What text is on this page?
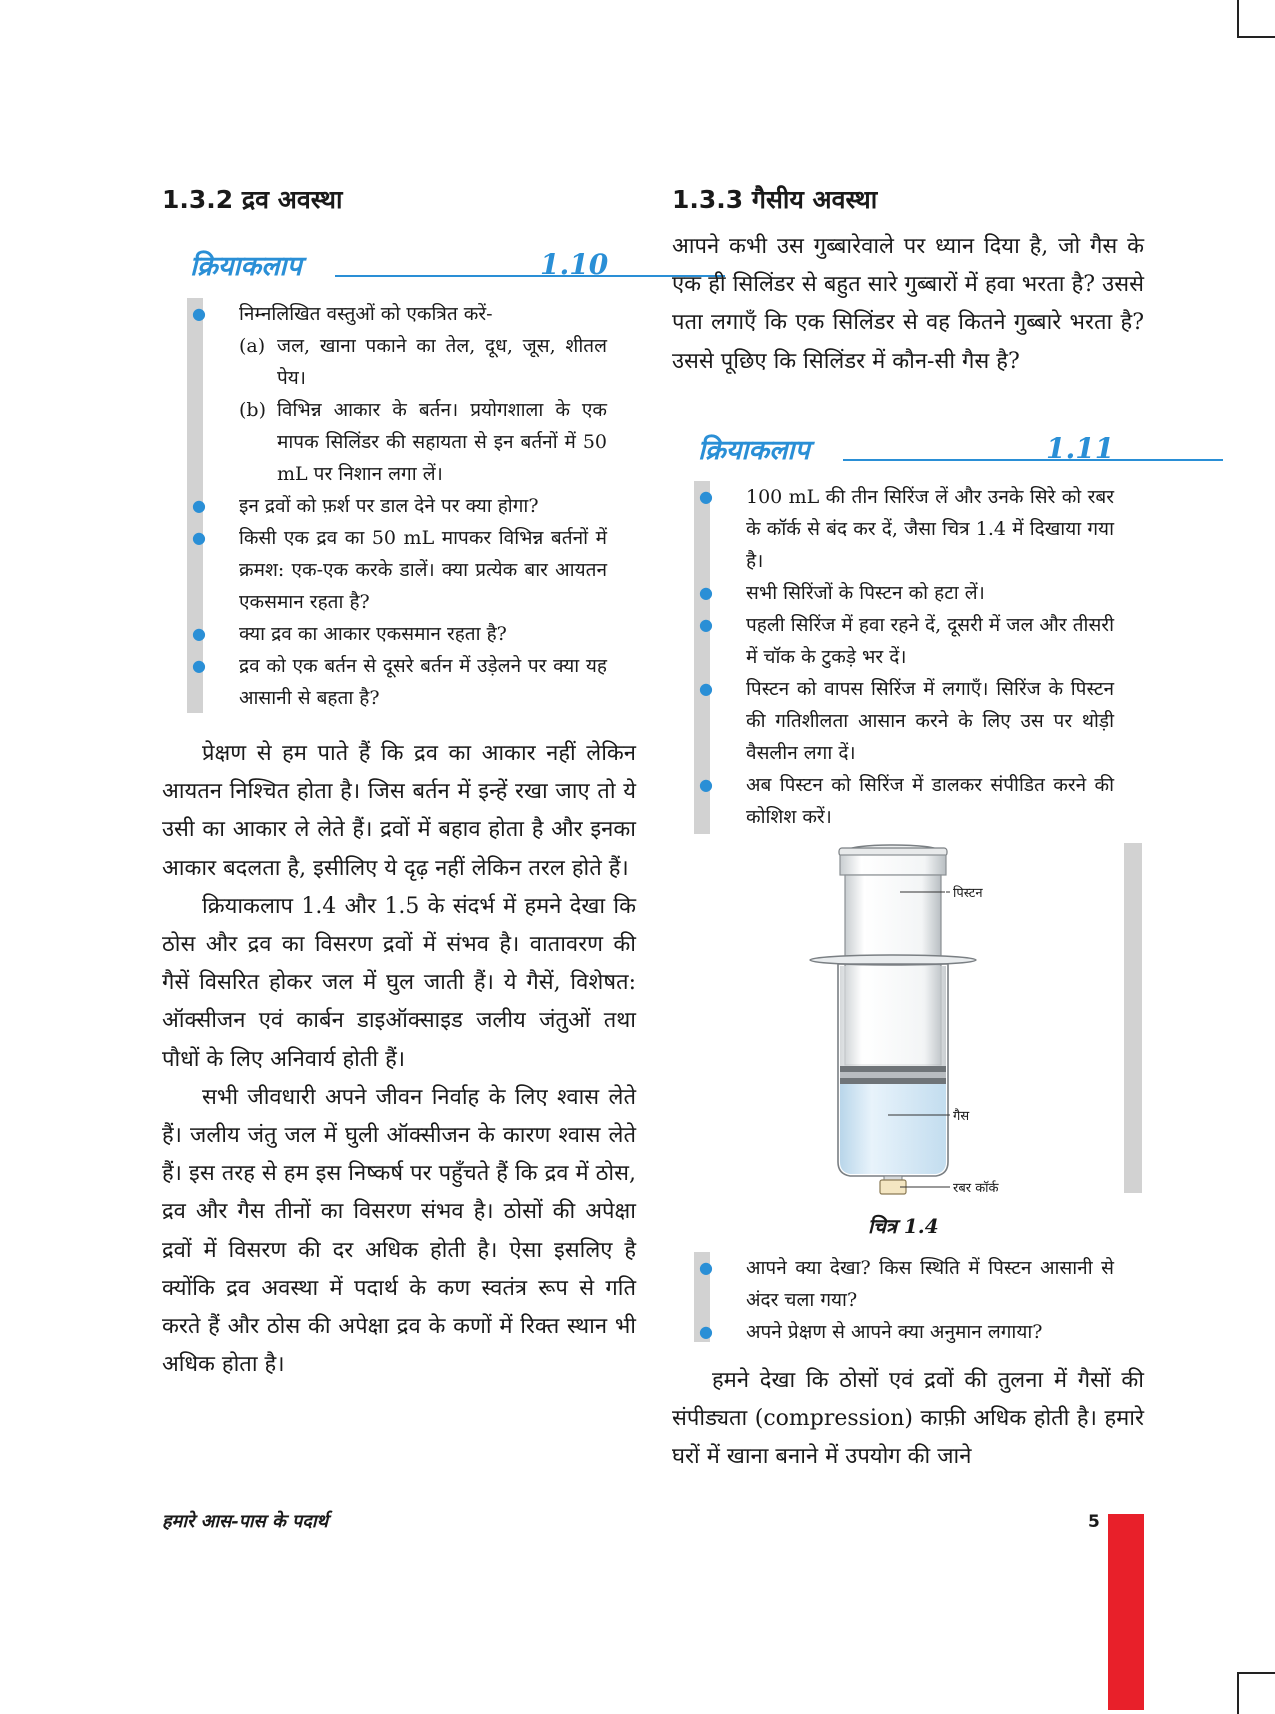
1.3.2 द्रव अवस्था
क्रियाकलाप	1.10
● निम्नलिखित वस्तुओं को एकत्रित करें-
(a) जल, खाना पकाने का तेल, दूध, जूस, शीतल पेय।
(b) विभिन्न आकार के बर्तन। प्रयोगशाला के एक मापक सिलिंडर की सहायता से इन बर्तनों में 50 mL पर निशान लगा लें।
● इन द्रवों को फ़र्श पर डाल देने पर क्या होगा?
● किसी एक द्रव का 50 mL मापकर विभिन्न बर्तनों में क्रमश: एक-एक करके डालें। क्या प्रत्येक बार आयतन एकसमान रहता है?
● क्या द्रव का आकार एकसमान रहता है?
● द्रव को एक बर्तन से दूसरे बर्तन में उड़ेलने पर क्या यह आसानी से बहता है?

प्रेक्षण से हम पाते हैं कि द्रव का आकार नहीं लेकिन आयतन निश्चित होता है। जिस बर्तन में इन्हें रखा जाए तो ये उसी का आकार ले लेते हैं। द्रवों में बहाव होता है और इनका आकार बदलता है, इसीलिए ये दृढ़ नहीं लेकिन तरल होते हैं।

क्रियाकलाप 1.4 और 1.5 के संदर्भ में हमने देखा कि ठोस और द्रव का विसरण द्रवों में संभव है। वातावरण की गैसें विसरित होकर जल में घुल जाती हैं। ये गैसें, विशेषत: ऑक्सीजन एवं कार्बन डाइऑक्साइड जलीय जंतुओं तथा पौधों के लिए अनिवार्य होती हैं।

सभी जीवधारी अपने जीवन निर्वाह के लिए श्वास लेते हैं। जलीय जंतु जल में घुली ऑक्सीजन के कारण श्वास लेते हैं। इस तरह से हम इस निष्कर्ष पर पहुँचते हैं कि द्रव में ठोस, द्रव और गैस तीनों का विसरण संभव है। ठोसों की अपेक्षा द्रवों में विसरण की दर अधिक होती है। ऐसा इसलिए है क्योंकि द्रव अवस्था में पदार्थ के कण स्वतंत्र रूप से गति करते हैं और ठोस की अपेक्षा द्रव के कणों में रिक्त स्थान भी अधिक होता है।

1.3.3 गैसीय अवस्था

आपने कभी उस गुब्बारेवाले पर ध्यान दिया है, जो गैस के एक ही सिलिंडर से बहुत सारे गुब्बारों में हवा भरता है? उससे पता लगाएँ कि एक सिलिंडर से वह कितने गुब्बारे भरता है? उससे पूछिए कि सिलिंडर में कौन-सी गैस है?

क्रियाकलाप	1.11
● 100 mL की तीन सिरिंज लें और उनके सिरे को रबर के कॉर्क से बंद कर दें, जैसा चित्र 1.4 में दिखाया गया है।
● सभी सिरिंजों के पिस्टन को हटा लें।
● पहली सिरिंज में हवा रहने दें, दूसरी में जल और तीसरी में चॉक के टुकड़े भर दें।
● पिस्टन को वापस सिरिंज में लगाएँ। सिरिंज के पिस्टन की गतिशीलता आसान करने के लिए उस पर थोड़ी वैसलीन लगा दें।
● अब पिस्टन को सिरिंज में डालकर संपीडित करने की कोशिश करें।
पिस्टन
गैस
रबर कॉर्क
चित्र 1.4
● आपने क्या देखा? किस स्थिति में पिस्टन आसानी से अंदर चला गया?
● अपने प्रेक्षण से आपने क्या अनुमान लगाया?

हमने देखा कि ठोसों एवं द्रवों की तुलना में गैसों की संपीड्यता (compression) काफ़ी अधिक होती है। हमारे घरों में खाना बनाने में उपयोग की जाने

हमारे आस-पास के पदार्थ	5
